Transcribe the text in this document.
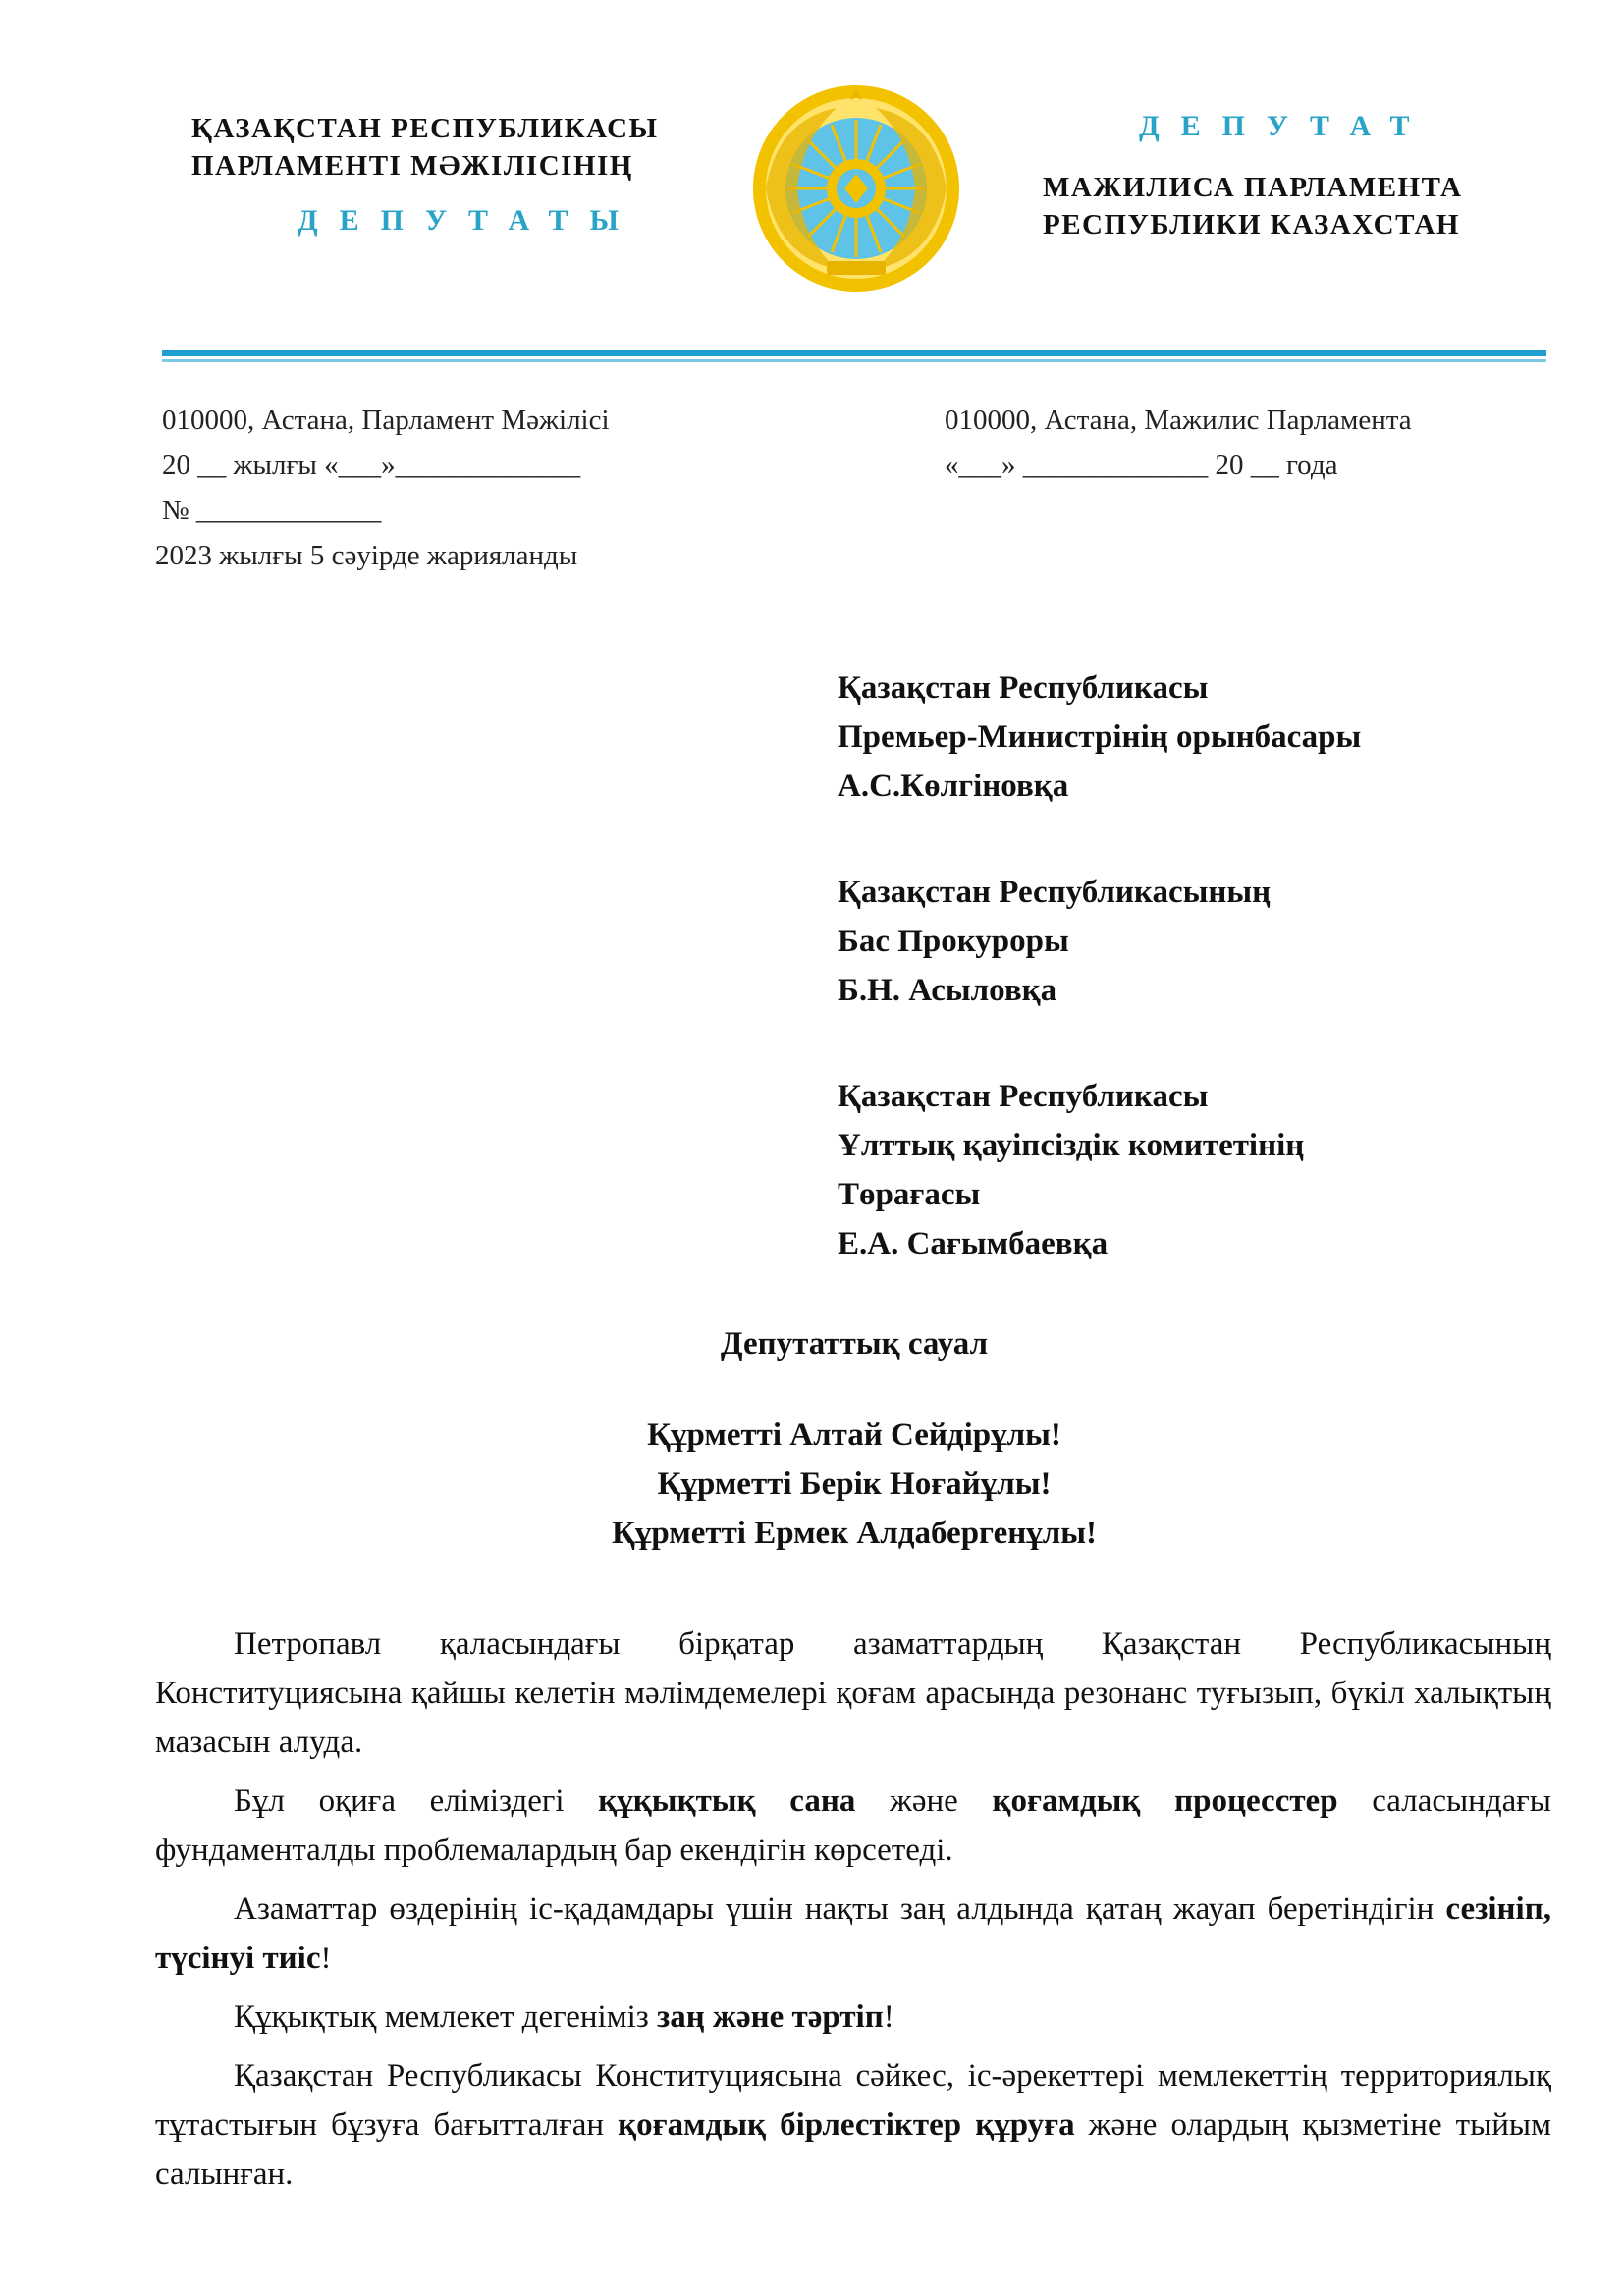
ҚАЗАҚСТАН РЕСПУБЛИКАСЫ
ПАРЛАМЕНТІ МӘЖІЛІСІНІҢ
ДЕПУТАТЫ
ДЕПУТАТ
МАЖИЛИСА ПАРЛАМЕНТА
РЕСПУБЛИКИ КАЗАХСТАН
010000, Астана, Парламент Мәжілісі
20 __ жылғы «___»_____________
№ _____________
010000, Астана, Мажилис Парламента
«___» _____________ 20 __ года
2023 жылғы 5 сәуірде жарияланды
Қазақстан Республикасы
Премьер-Министрінің орынбасары
А.С.Көлгіновқа
Қазақстан Республикасының
Бас Прокуроры
Б.Н. Асыловқа
Қазақстан Республикасы
Ұлттық қауіпсіздік комитетінің
Төрағасы
Е.А. Сағымбаевқа
Депутаттық сауал
Құрметті Алтай Сейдірұлы!
Құрметті Берік Ноғайұлы!
Құрметті Ермек Алдабергенұлы!

Петропавл қаласындағы бірқатар азаматтардың Қазақстан Республикасының Конституциясына қайшы келетін мәлімдемелері қоғам арасында резонанс туғызып, бүкіл халықтың мазасын алуда.

Бұл оқиға еліміздегі құқықтық сана және қоғамдық процесстер саласындағы фундаменталды проблемалардың бар екендігін көрсетеді.

Азаматтар өздерінің іс-қадамдары үшін нақты заң алдында қатаң жауап беретіндігін сезініп, түсінуі тиіс!

Құқықтық мемлекет дегеніміз заң және тәртіп!

Қазақстан Республикасы Конституциясына сәйкес, іс-әрекеттері мемлекеттің территориялық тұтастығын бұзуға бағытталған қоғамдық бірлестіктер құруға және олардың қызметіне тыйым салынған.
